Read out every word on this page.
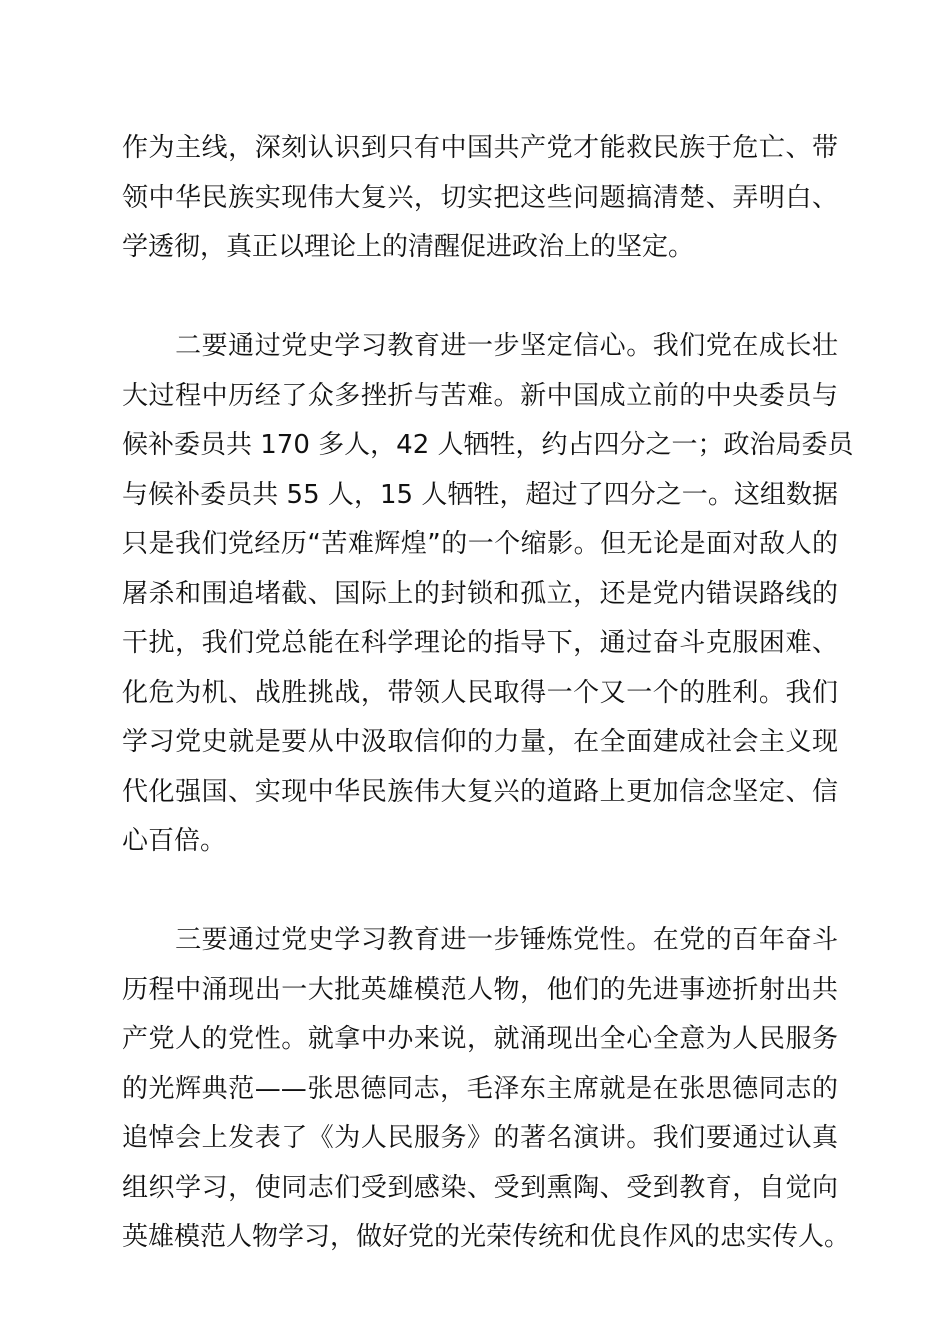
作为主线，深刻认识到只有中国共产党才能救民族于危亡、带
领中华民族实现伟大复兴，切实把这些问题搞清楚、弄明白、
学透彻，真正以理论上的清醒促进政治上的坚定。
　　二要通过党史学习教育进一步坚定信心。我们党在成长壮
大过程中历经了众多挫折与苦难。新中国成立前的中央委员与
候补委员共 170 多人，42 人牺牲，约占四分之一；政治局委员
与候补委员共 55 人，15 人牺牲，超过了四分之一。这组数据
只是我们党经历“苦难辉煌”的一个缩影。但无论是面对敌人的
屠杀和围追堵截、国际上的封锁和孤立，还是党内错误路线的
干扰，我们党总能在科学理论的指导下，通过奋斗克服困难、
化危为机、战胜挑战，带领人民取得一个又一个的胜利。我们
学习党史就是要从中汲取信仰的力量，在全面建成社会主义现
代化强国、实现中华民族伟大复兴的道路上更加信念坚定、信
心百倍。
　　三要通过党史学习教育进一步锤炼党性。在党的百年奋斗
历程中涌现出一大批英雄模范人物，他们的先进事迹折射出共
产党人的党性。就拿中办来说，就涌现出全心全意为人民服务
的光辉典范——张思德同志，毛泽东主席就是在张思德同志的
追悼会上发表了《为人民服务》的著名演讲。我们要通过认真
组织学习，使同志们受到感染、受到熏陶、受到教育，自觉向
英雄模范人物学习，做好党的光荣传统和优良作风的忠实传人。
